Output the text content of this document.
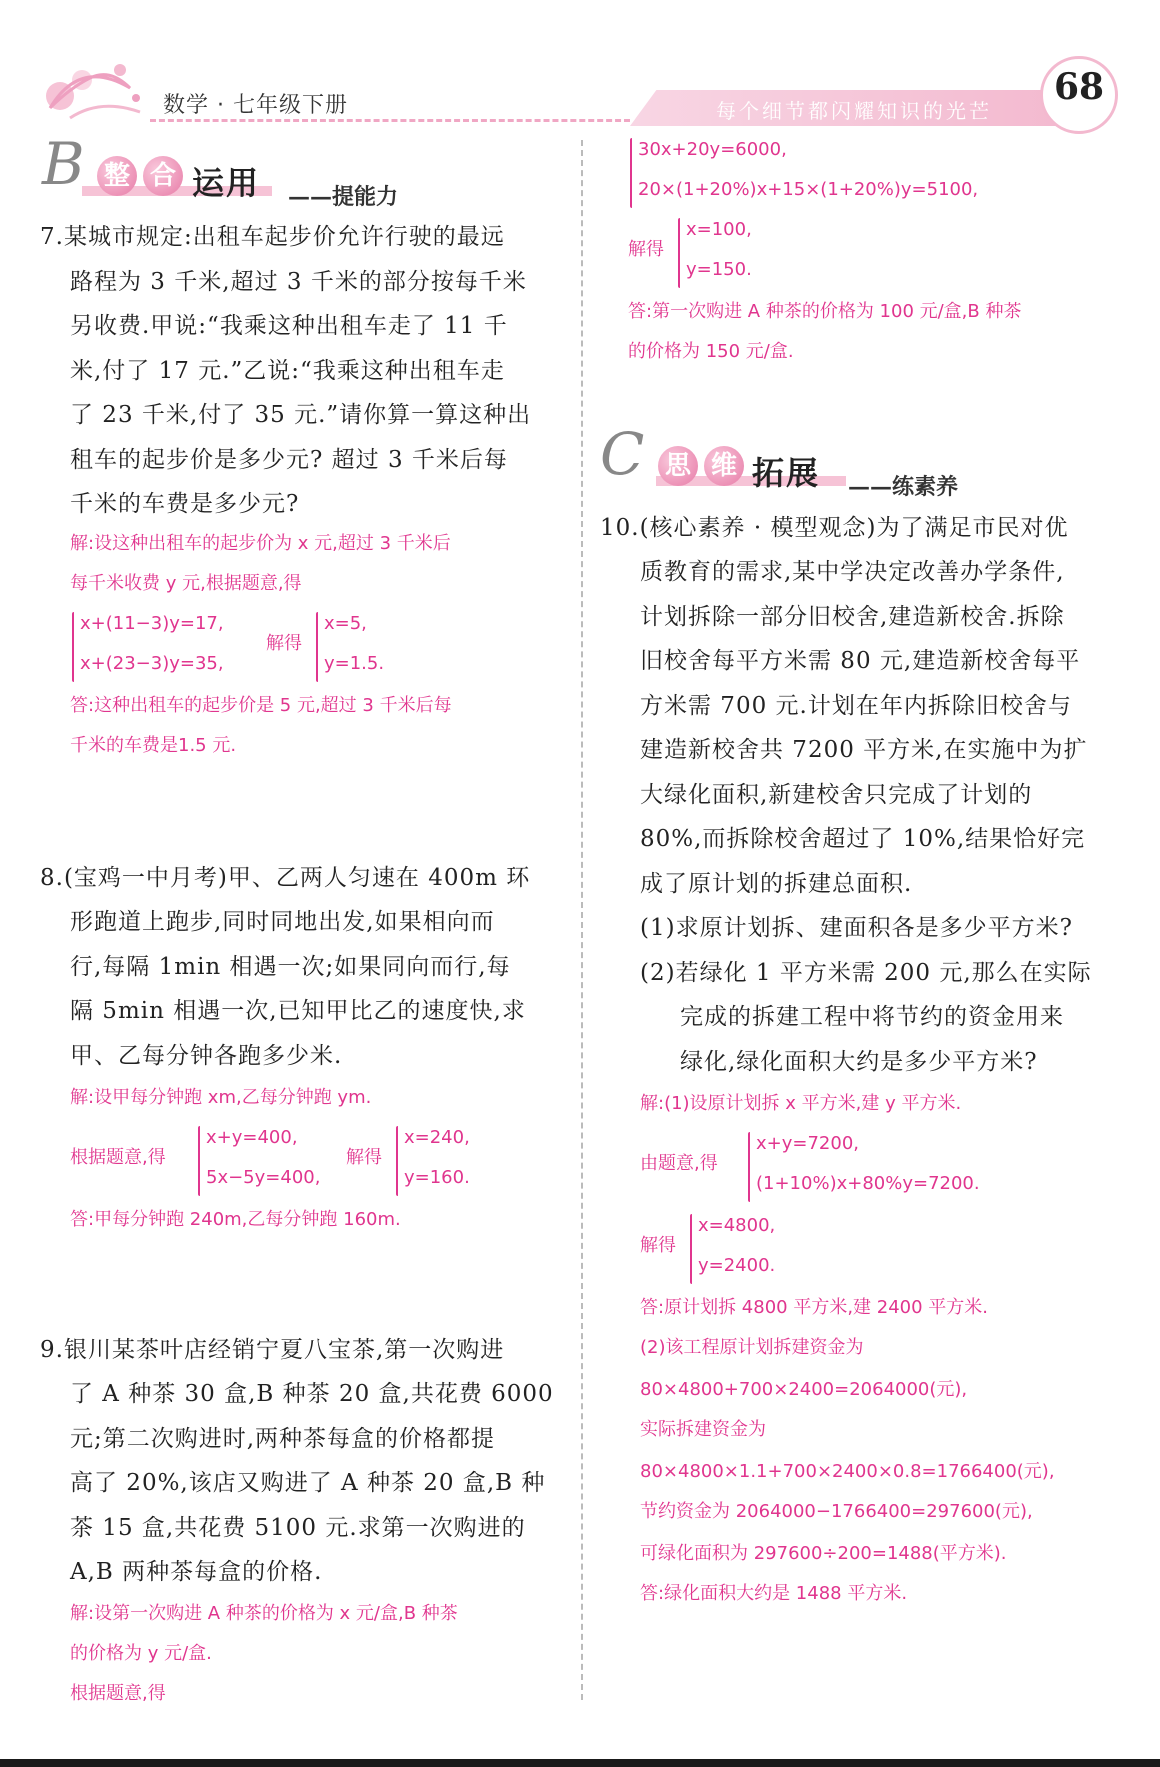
数学 · 七年级下册	每个细节都闪耀知识的光芒
68
B 整 合 运用 ——提能力
7.某城市规定:出租车起步价允许行驶的最远
路程为 3 千米,超过 3 千米的部分按每千米
另收费.甲说:“我乘这种出租车走了 11 千
米,付了 17 元.”乙说:“我乘这种出租车走
了 23 千米,付了 35 元.”请你算一算这种出
租车的起步价是多少元? 超过 3 千米后每
千米的车费是多少元?
解:设这种出租车的起步价为 x 元,超过 3 千米后
每千米收费 y 元,根据题意,得
x+(11−3)y=17,
x+(23−3)y=35,
解得
x=5,
y=1.5.
答:这种出租车的起步价是 5 元,超过 3 千米后每
千米的车费是1.5 元.
8.(宝鸡一中月考)甲、乙两人匀速在 400m 环
形跑道上跑步,同时同地出发,如果相向而
行,每隔 1min 相遇一次;如果同向而行,每
隔 5min 相遇一次,已知甲比乙的速度快,求
甲、乙每分钟各跑多少米.
解:设甲每分钟跑 xm,乙每分钟跑 ym.
根据题意,得
x+y=400,
5x−5y=400,
解得
x=240,
y=160.
答:甲每分钟跑 240m,乙每分钟跑 160m.
9.银川某茶叶店经销宁夏八宝茶,第一次购进
了 A 种茶 30 盒,B 种茶 20 盒,共花费 6000
元;第二次购进时,两种茶每盒的价格都提
高了 20%,该店又购进了 A 种茶 20 盒,B 种
茶 15 盒,共花费 5100 元.求第一次购进的
A,B 两种茶每盒的价格.
解:设第一次购进 A 种茶的价格为 x 元/盒,B 种茶
的价格为 y 元/盒.
根据题意,得
30x+20y=6000,
20×(1+20%)x+15×(1+20%)y=5100,
解得
x=100,
y=150.
答:第一次购进 A 种茶的价格为 100 元/盒,B 种茶
的价格为 150 元/盒.
C 思 维 拓展 ——练素养
10.(核心素养 · 模型观念)为了满足市民对优
质教育的需求,某中学决定改善办学条件,
计划拆除一部分旧校舍,建造新校舍.拆除
旧校舍每平方米需 80 元,建造新校舍每平
方米需 700 元.计划在年内拆除旧校舍与
建造新校舍共 7200 平方米,在实施中为扩
大绿化面积,新建校舍只完成了计划的
80%,而拆除校舍超过了 10%,结果恰好完
成了原计划的拆建总面积.
(1)求原计划拆、建面积各是多少平方米?
(2)若绿化 1 平方米需 200 元,那么在实际
完成的拆建工程中将节约的资金用来
绿化,绿化面积大约是多少平方米?
解:(1)设原计划拆 x 平方米,建 y 平方米.
由题意,得
x+y=7200,
(1+10%)x+80%y=7200.
解得
x=4800,
y=2400.
答:原计划拆 4800 平方米,建 2400 平方米.
(2)该工程原计划拆建资金为
80×4800+700×2400=2064000(元),
实际拆建资金为
80×4800×1.1+700×2400×0.8=1766400(元),
节约资金为 2064000−1766400=297600(元),
可绿化面积为 297600÷200=1488(平方米).
答:绿化面积大约是 1488 平方米.
